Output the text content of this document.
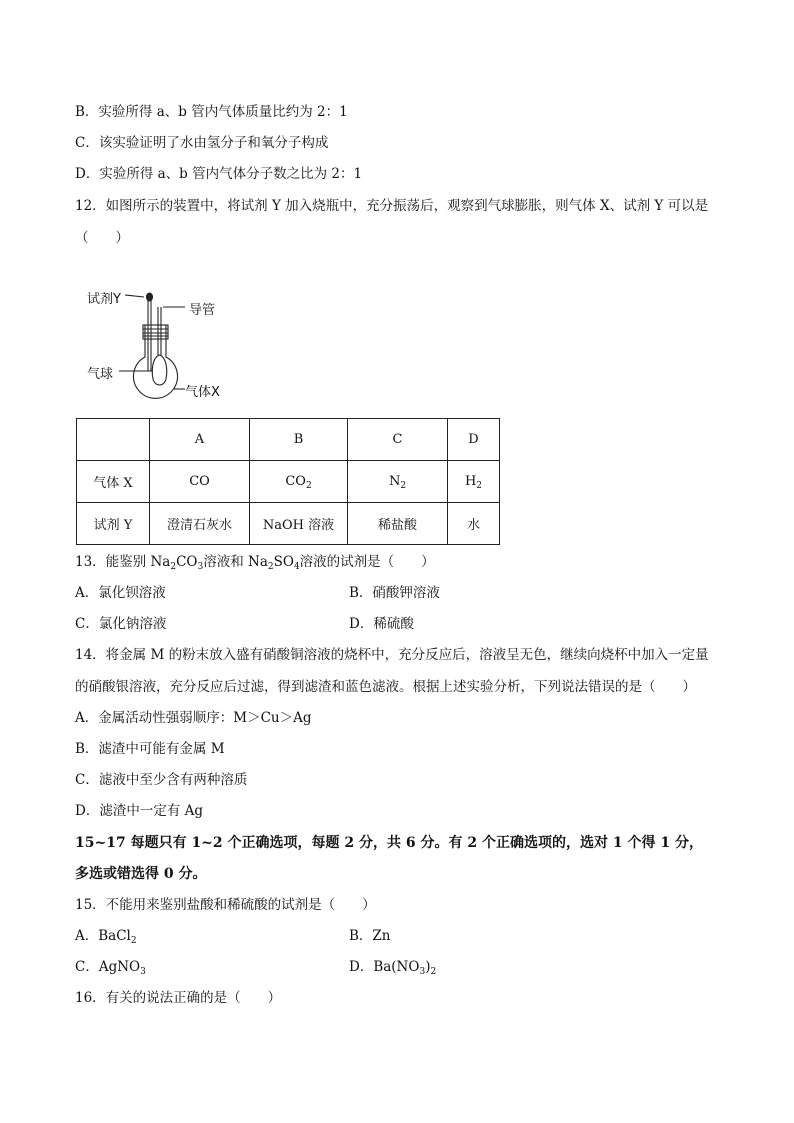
B．实验所得 a、b 管内气体质量比约为 2：1
C．该实验证明了水由氢分子和氧分子构成
D．实验所得 a、b 管内气体分子数之比为 2：1
12．如图所示的装置中，将试剂 Y 加入烧瓶中，充分振荡后，观察到气球膨胀，则气体 X、试剂 Y 可以是
（　　）
试剂Y
导管
气球
气体X
	A	B	C	D
气体 X	CO	$CO_2$	$N_2$	$H_2$
试剂 Y	澄清石灰水	NaOH 溶液	稀盐酸	水
13．能鉴别 $Na_2CO_3$溶液和 $Na_2SO_4$溶液的试剂是（　　）
A．氯化钡溶液	B．硝酸钾溶液
C．氯化钠溶液	D．稀硫酸
14．将金属 M 的粉末放入盛有硝酸铜溶液的烧杯中，充分反应后，溶液呈无色，继续向烧杯中加入一定量
的硝酸银溶液，充分反应后过滤，得到滤渣和蓝色滤液。根据上述实验分析，下列说法错误的是（　　）
A．金属活动性强弱顺序：M＞Cu＞Ag
B．滤渣中可能有金属 M
C．滤液中至少含有两种溶质
D．滤渣中一定有 Ag
15~17 每题只有 1~2 个正确选项，每题 2 分，共 6 分。有 2 个正确选项的，选对 1 个得 1 分，
多选或错选得 0 分。
15．不能用来鉴别盐酸和稀硫酸的试剂是（　　）
A．BaCl$_2$	B．Zn
C．AgNO$_3$	D．$Ba(NO_3)_2$
16．有关的说法正确的是（　　）
